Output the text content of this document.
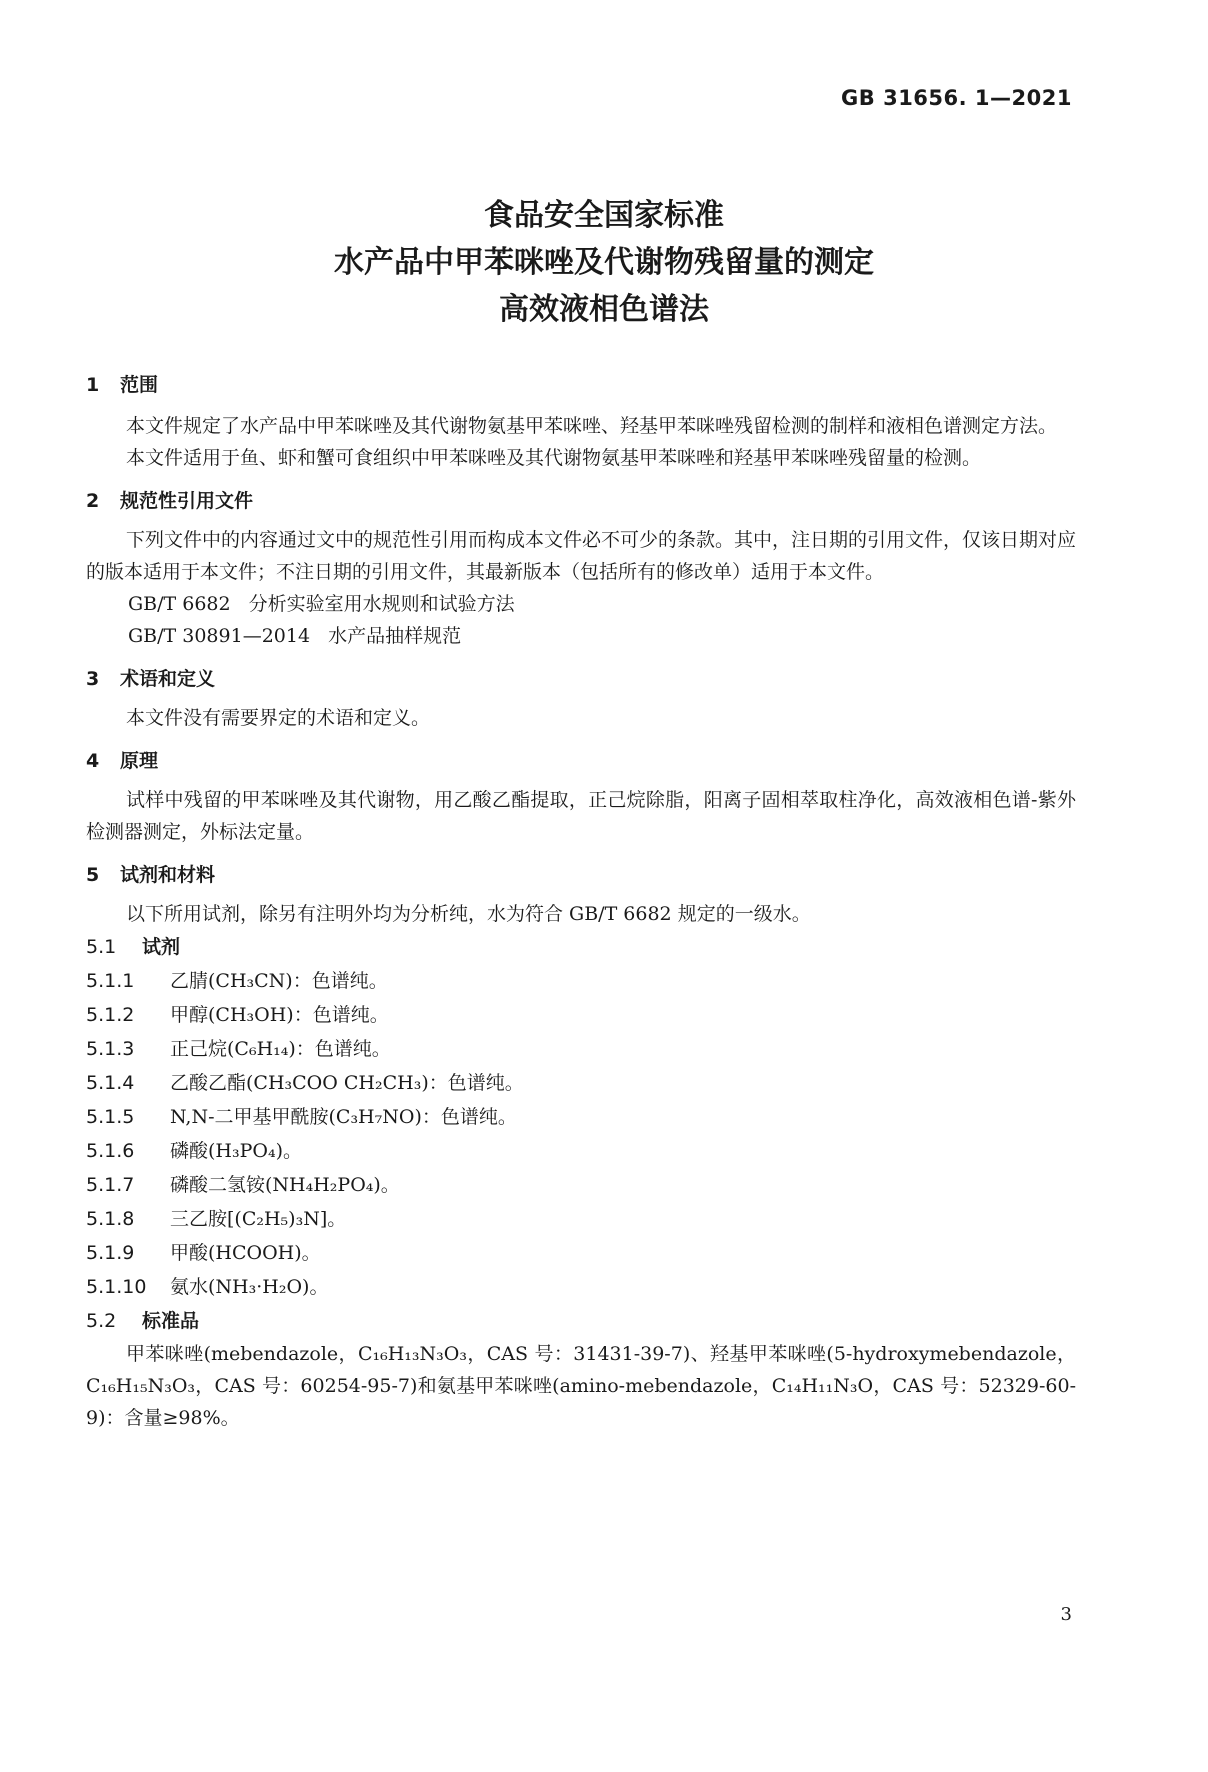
GB 31656. 1—2021
食品安全国家标准
水产品中甲苯咪唑及代谢物残留量的测定
高效液相色谱法
1 范围
本文件规定了水产品中甲苯咪唑及其代谢物氨基甲苯咪唑、羟基甲苯咪唑残留检测的制样和液相色谱测定方法。
本文件适用于鱼、虾和蟹可食组织中甲苯咪唑及其代谢物氨基甲苯咪唑和羟基甲苯咪唑残留量的检测。
2 规范性引用文件
下列文件中的内容通过文中的规范性引用而构成本文件必不可少的条款。其中，注日期的引用文件，仅该日期对应的版本适用于本文件；不注日期的引用文件，其最新版本（包括所有的修改单）适用于本文件。
GB/T 6682 分析实验室用水规则和试验方法
GB/T 30891—2014 水产品抽样规范
3 术语和定义
本文件没有需要界定的术语和定义。
4 原理
试样中残留的甲苯咪唑及其代谢物，用乙酸乙酯提取，正己烷除脂，阳离子固相萃取柱净化，高效液相色谱-紫外检测器测定，外标法定量。
5 试剂和材料
以下所用试剂，除另有注明外均为分析纯，水为符合 GB/T 6682 规定的一级水。
5.1 试剂
5.1.1 乙腈(CH₃CN)：色谱纯。
5.1.2 甲醇(CH₃OH)：色谱纯。
5.1.3 正己烷(C₆H₁₄)：色谱纯。
5.1.4 乙酸乙酯(CH₃COO CH₂CH₃)：色谱纯。
5.1.5 N,N-二甲基甲酰胺(C₃H₇NO)：色谱纯。
5.1.6 磷酸(H₃PO₄)。
5.1.7 磷酸二氢铵(NH₄H₂PO₄)。
5.1.8 三乙胺[(C₂H₅)₃N]。
5.1.9 甲酸(HCOOH)。
5.1.10 氨水(NH₃·H₂O)。
5.2 标准品
甲苯咪唑(mebendazole，C₁₆H₁₃N₃O₃，CAS 号：31431-39-7)、羟基甲苯咪唑(5-hydroxymebendazole，C₁₆H₁₅N₃O₃，CAS 号：60254-95-7)和氨基甲苯咪唑(amino-mebendazole，C₁₄H₁₁N₃O，CAS 号：52329-60-9)：含量≥98%。
3
